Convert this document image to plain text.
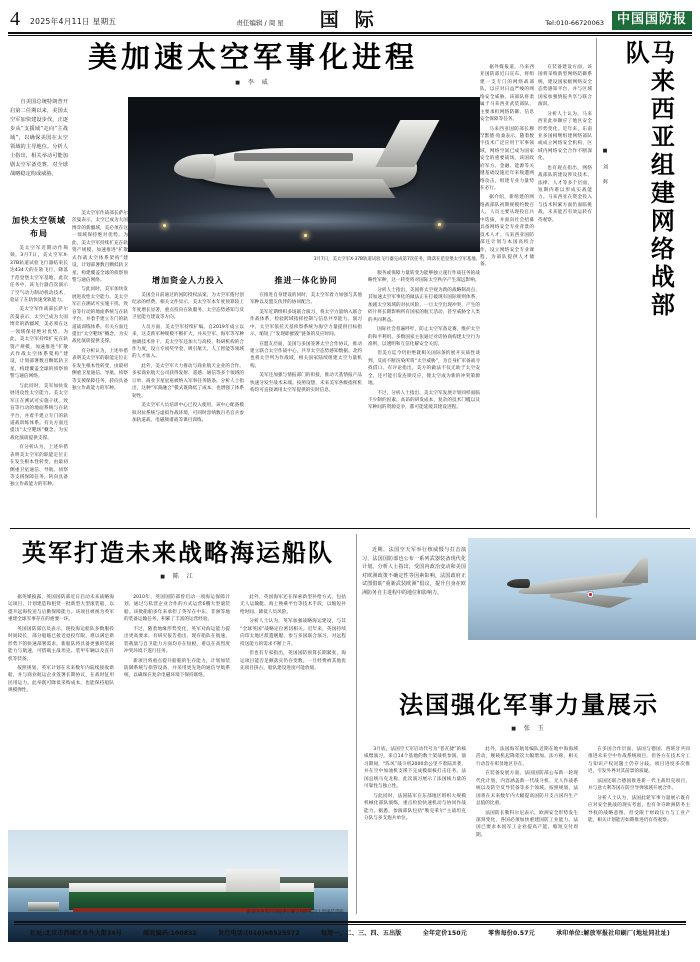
4 2025年4月11日 星期五	责任编辑 / 周 星 国际	Tel:010-66720063	中国国防报
美加速太空军事化进程
■ 李 威

自美国总统特朗普开启第二任期以来，美国太空军加快建设步伐，正逐步从“支援域”走向“主战域”，以确保美国在太空领域的主导地位。分析人士指出，相关举动可能加剧太空军备竞赛，对全球战略稳定构成威胁。

3月7日，美太空军X-37B轨道试验飞行器完成第7次任务，降落在范登堡太空军基地。
加快太空领域布局

美太空军近期动作频频。3月7日，美太空军X-37B轨道试验飞行器结束长达434天的在轨飞行，降落于范登堡太空军基地。此次任务中，该飞行器首次演示了空气动力制动机动技术，验证了在轨快速变轨能力。

美太空军作战部长萨尔茨曼表示，太空已成为大国博弈的新疆域，美必须在这一领域保持绝对优势。为此，美太空军持续扩充在轨资产规模，加速推进“扩散式作战太空体系架构”建设，计划部署数百颗低轨卫星，构建覆盖全球的侦察预警与通信网络。

与此同时，美军加快发展进攻性太空能力。美太空军正在测试可实施干扰、致盲等行动的地面系统与在轨平台，并着手建立专门的轨道战训练体系。有关方面还提出“太空靶场”概念，为实战化演训提供支撑。

有分析认为，上述举措表明美太空军的职能定位正在发生根本性转变，由最初侧重卫星通信、导航、侦察等支援保障任务，转向具备独立作战能力的军种。

美太空军作战部长萨尔茨曼表示，太空已成为大国博弈的新疆域，美必须在这一领域保持绝对优势。为此，美太空军持续扩充在轨资产规模，加速推进“扩散式作战太空体系架构”建设，计划部署数百颗低轨卫星，构建覆盖全球的侦察预警与通信网络。

与此同时，美军加快发展进攻性太空能力。美太空军正在测试可实施干扰、致盲等行动的地面系统与在轨平台，并着手建立专门的轨道战训练体系。有关方面还提出“太空靶场”概念，为实战化演训提供支撑。

有分析认为，上述举措表明美太空军的职能定位正在发生根本性转变，由最初侧重卫星通信、导航、侦察等支援保障任务，转向具备独立作战能力的军种。

增加资金人力投入

美国会日前通过的国防授权法案，为太空军拨付创纪录的经费。相关文件显示，美太空军本年度预算较上年度增长显著，重点投向在轨服务、太空态势感知与反卫星能力建设等方向。

人员方面，美太空军持续扩编。自2019年成立以来，这支新军种规模不断扩大，并从空军、海军等军种抽调技术骨干。美太空军还加大与高校、科研机构的合作力度，设立专项奖学金，吸引航天、人工智能等领域的人才加入。

此外，美太空军大力推动与商业航天企业的合作。多家商业航天公司获得发射、遥感、通信等多个领域的订单，商业卫星星座被纳入军事任务链条。分析人士指出，这种“军商融合”模式既降低了成本，也增强了体系韧性。

美太空军人员培训中心已投入使用，该中心配备模拟对抗系统与虚拟作战环境，可同时容纳数百名官兵参加轨道战、电磁频谱战等课目训练。

推进一体化协同

在推进自身建设的同时，美太空军着力加强与其他军种以及盟友伙伴的协同配合。

美军近期组织多场联合演习，将太空力量纳入联合作战体系，检验跨域指挥控制与信息共享能力。演习中，太空军依托天基侦察系统为海空力量提供目标指示，缩短了“发现即摧毁”链条的反应时间。

在盟友层面，美国与多国签署太空合作协议，推动建立联合太空作战中心，共享太空态势感知数据。北约也将太空列为作战域，相关国家陆续组建太空力量机构。

美军还加强与情报部门的衔接，推动天基情报产品快速分发至战术末端。按照设想，未来美军各级指挥机构均可直接调用太空军提供的实时信息。

服务或保障力量转变为能够独立遂行作战任务的战略性军种，这一转变将对国际太空秩序产生深远影响。

分析人士指出，美国将太空视为新的战略制高点，其加速太空军事化的做法正在打破现有国际规则体系，加剧太空领域的对抗风险。一旦太空出现冲突，产生的碎片将长期影响所有国家的航天活动，甚至威胁全人类的共同利益。

国际社会普遍呼吁，防止太空军备竞赛，维护太空的和平利用。多数国家主张通过对话协商构建太空行为准则，以透明和互信化解安全关切。

但美方迄今仍拒绝就相关国际条约展开实质性谈判，反而不断渲染所谓“太空威胁”，为自身扩军备战寻找借口。有评论指出，美方的做法不仅无助于太空安全，还可能引发连锁反应，使太空成为新的冲突策源地。

不过，分析人士指出，美太空军发展计划同样面临不少制约因素。高昂的研发成本、复杂的技术门槛以及军种间的资源竞争，都可能延缓其建设进程。

据外媒报道，马来西亚国防部近日宣布，将组建一支专门的网络战部队，以应对日益严峻的网络安全威胁。该部队将隶属于马来西亚武装部队，主要承担网络防御、信息安全保障等任务。

马来西亚国防部长穆罕默德·哈桑表示，随着数字技术广泛应用于军事领域，网络空间已成为国家安全的重要战场。该国政府军方、金融、能源等关键基础设施近年来频遭网络攻击，组建专业力量势在必行。

据介绍，新组建的网络战部队初期规模约数百人，人员主要从现役官兵中选拔，并面向社会招募具备网络安全专业背景的技术人才。马来西亚国防部还计划与本国高校合作，设立网络安全专业课程，为部队提供人才储备。

在装备建设方面，该国将采购新型网络防御系统，建设国家级网络安全态势感知平台，并与区域国家加强情报共享与联合演训。

分析人士认为，马来西亚此举顺应了地区安全形势变化。近年来，东南亚多国相继组建网络部队或成立网络安全机构，区域内网络安全合作不断深化。

也有观点指出，网络战部队的建设涉及技术、法律、人才等多个层面，短期内难以形成实战能力。马来西亚在资金投入与技术积累方面仍面临挑战，未来能否有效运转有待观察。

■ 刘 辉	马来西亚组建网络战部队
英军打造未来战略海运船队
■ 陈 江

据英媒披露，英国国防部近日启动未来战略海运项目，计划建造和租赁一批新型大型滚装船，以提升远海投送与后勤保障能力。该项目被视为英军重建全球军事存在的重要一环。

英国国防部官员表示，现役海运船队多数服役时间较长，部分船舶已接近退役年限，难以满足新形势下的快速部署需求。新船队将具备更强的装载能力与航速，可搭载主战坦克、装甲车辆以及直升机等装备。

按照规划，英军计划在未来数年内陆续接收新船，并与商业航运企业签署长期协议，在战时征用民用运力。此举既可降低采购成本，也能保持船队规模弹性。

2010年，英国国防部曾启动一项海运保障计划，通过与私营企业合作的方式运营6艘大型滚装船。该批船舶多年来承担了英军在中东、非洲等地的装备运输任务，积累了丰富的运营经验。

不过，随着地缘形势变化，英军对海运能力提出更高要求。有研究报告指出，现有船队在航速、装载量与自卫能力方面均存在短板，难以在高烈度冲突环境下遂行任务。

新项目将重点提升船舶的生存能力，计划加装防御系统与损管设备，并采用更先进的通信导航系统，以确保在复杂电磁环境下保持联络。

此外，英国海军还在探索新型补给方式，包括无人运输艇、海上换乘平台等技术手段，以缩短补给时间、降低人员风险。

分析人士认为，英军加强战略海运建设，与其“全球英国”战略定位密切相关。近年来，英国持续向印太地区派遣舰艇，参与多国联合演习，对远程投送能力的需求不断上升。

但也有专家指出，英国国防预算长期紧张，海运项目能否足额落实仍存变数。一旦经费被其他优先项目挤占，船队建设进度可能放缓。

此前为英军行动提供后勤支持的商用大型滚装货船。

近期，法国空天军举行核威慑与打击演习，法国国防部也公布一系列武器装备现代化计划。分析人士指出，受国内政治变动和美国对欧洲政策不确定性等因素影响，法国政府正试图借助“重新武装欧洲”倡议，提升自身在欧洲防务自主进程中的地位和影响力。

法国强化军事力量展示
■ 张 玉

3月底，法国空天军启动代号为“普瓦捷”的核威慑演习，来自14个基地的数十架战机参演。演习期间，“阵风”战斗机2000余公里不着陆奔袭，并在空中加油机支援下完成模拟核打击任务。法国总统马克龙称，此次演习展示了法国核力量的可靠性与独立性。

与此同时，法国陆军在东部地区组织大规模机械化部队演练，重点检验快速机动与协同作战能力。据悉，参演部队包括“勒克莱尔”主战坦克分队与多支炮兵单位。

此外，法国海军航母编队近期在地中海海域活动，舰载机起降架次大幅增加。法方称，相关行动旨在彰显地区存在。

在装备发展方面，法国国防部公布新一轮现代化计划，内容涵盖新一代战斗机、无人作战系统以及防空反导装备等多个领域。按照规划，法国将在未来数年内大幅提高国防开支占国内生产总值的比重。

法国防长勒科尔尼表示，欧洲安全形势发生深刻变化，各国必须加快重建国防工业能力。法国已要求本国军工企业提高产能，缩短交付周期。

在多国合作层面，法国与德国、西班牙共同推进未来空中作战系统项目，但各方在技术分工与知识产权问题上仍存分歧。项目进度多次推迟，引发外界对其前景的质疑。

法国还联合德国推进新一代主战坦克项目，并与意大利等国在防空导弹领域开展合作。

分析人士认为，法国此轮军事力量展示既有应对安全挑战的现实考虑，也有争夺欧洲防务主导权的战略意图。但受限于财政压力与工业产能，相关计划能否如期推进仍有待观察。

社址:北京市西城区阜外大街34号	邮政编码:100832	发行电话:(010)68525572	每周一、二、三、四、五出版	全年定价150元	零售每份0.57元	承印单位:解放军报社印刷厂(地址同社址)
